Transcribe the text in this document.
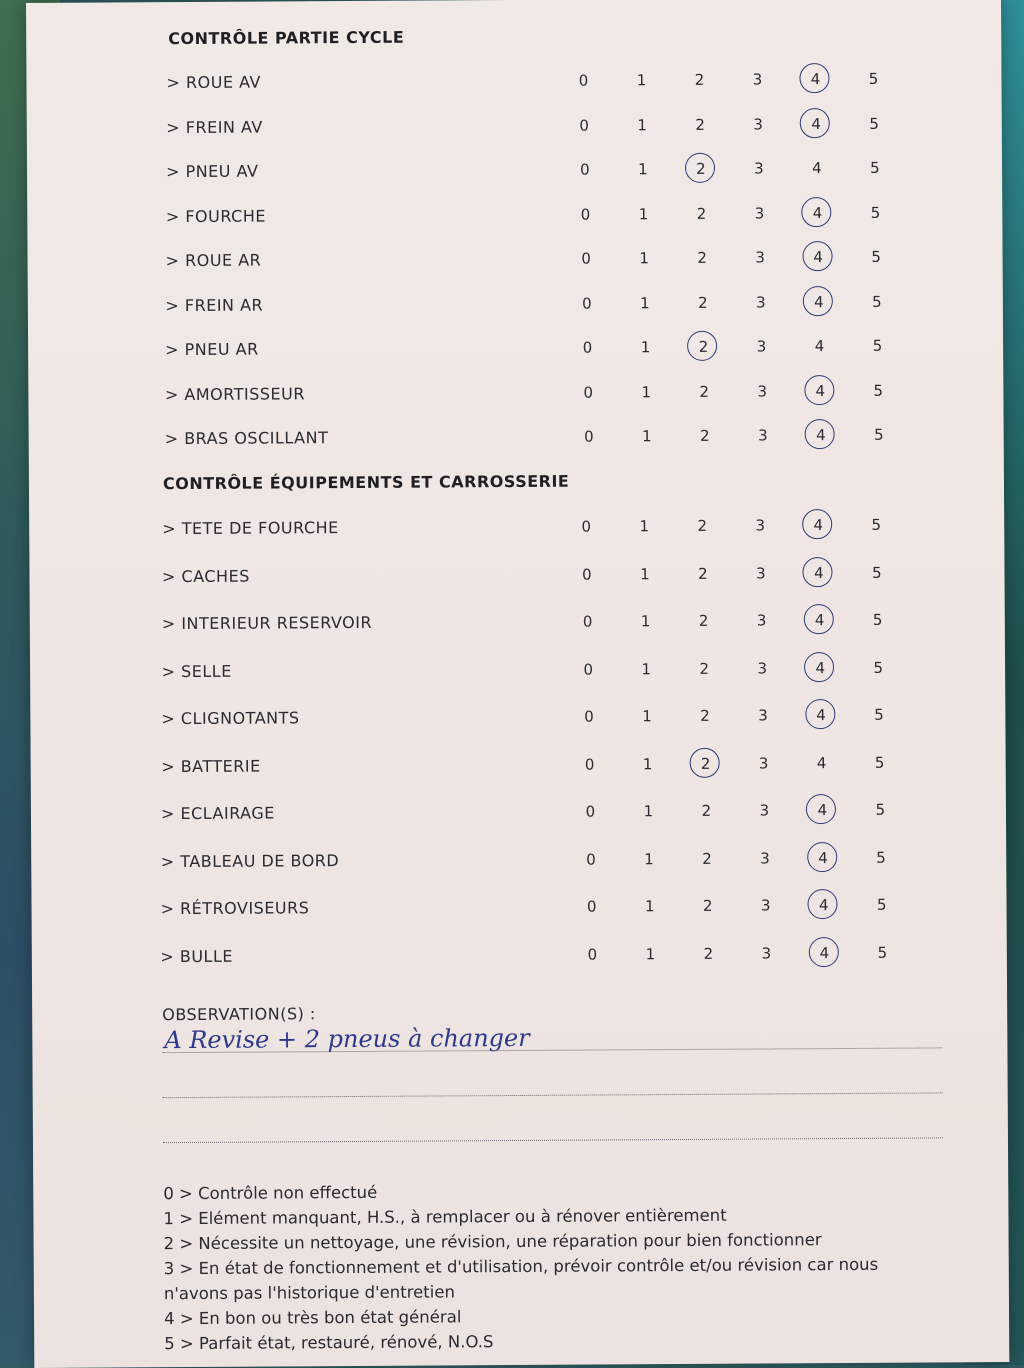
CONTRÔLE PARTIE CYCLE
> ROUE AV	0	1	2	3	4	5
> FREIN AV	0	1	2	3	4	5
> PNEU AV	0	1	2	3	4	5
> FOURCHE	0	1	2	3	4	5
> ROUE AR	0	1	2	3	4	5
> FREIN AR	0	1	2	3	4	5
> PNEU AR	0	1	2	3	4	5
> AMORTISSEUR	0	1	2	3	4	5
> BRAS OSCILLANT	0	1	2	3	4	5
CONTRÔLE ÉQUIPEMENTS ET CARROSSERIE
> TETE DE FOURCHE	0	1	2	3	4	5
> CACHES	0	1	2	3	4	5
> INTERIEUR RESERVOIR	0	1	2	3	4	5
> SELLE	0	1	2	3	4	5
> CLIGNOTANTS	0	1	2	3	4	5
> BATTERIE	0	1	2	3	4	5
> ECLAIRAGE	0	1	2	3	4	5
> TABLEAU DE BORD	0	1	2	3	4	5
> RÉTROVISEURS	0	1	2	3	4	5
> BULLE	0	1	2	3	4	5
OBSERVATION(S) :
A Revise + 2 pneus à changer
0 > Contrôle non effectué
1 > Elément manquant, H.S., à remplacer ou à rénover entièrement
2 > Nécessite un nettoyage, une révision, une réparation pour bien fonctionner
3 > En état de fonctionnement et d'utilisation, prévoir contrôle et/ou révision car nous
n'avons pas l'historique d'entretien
4 > En bon ou très bon état général
5 > Parfait état, restauré, rénové, N.O.S
